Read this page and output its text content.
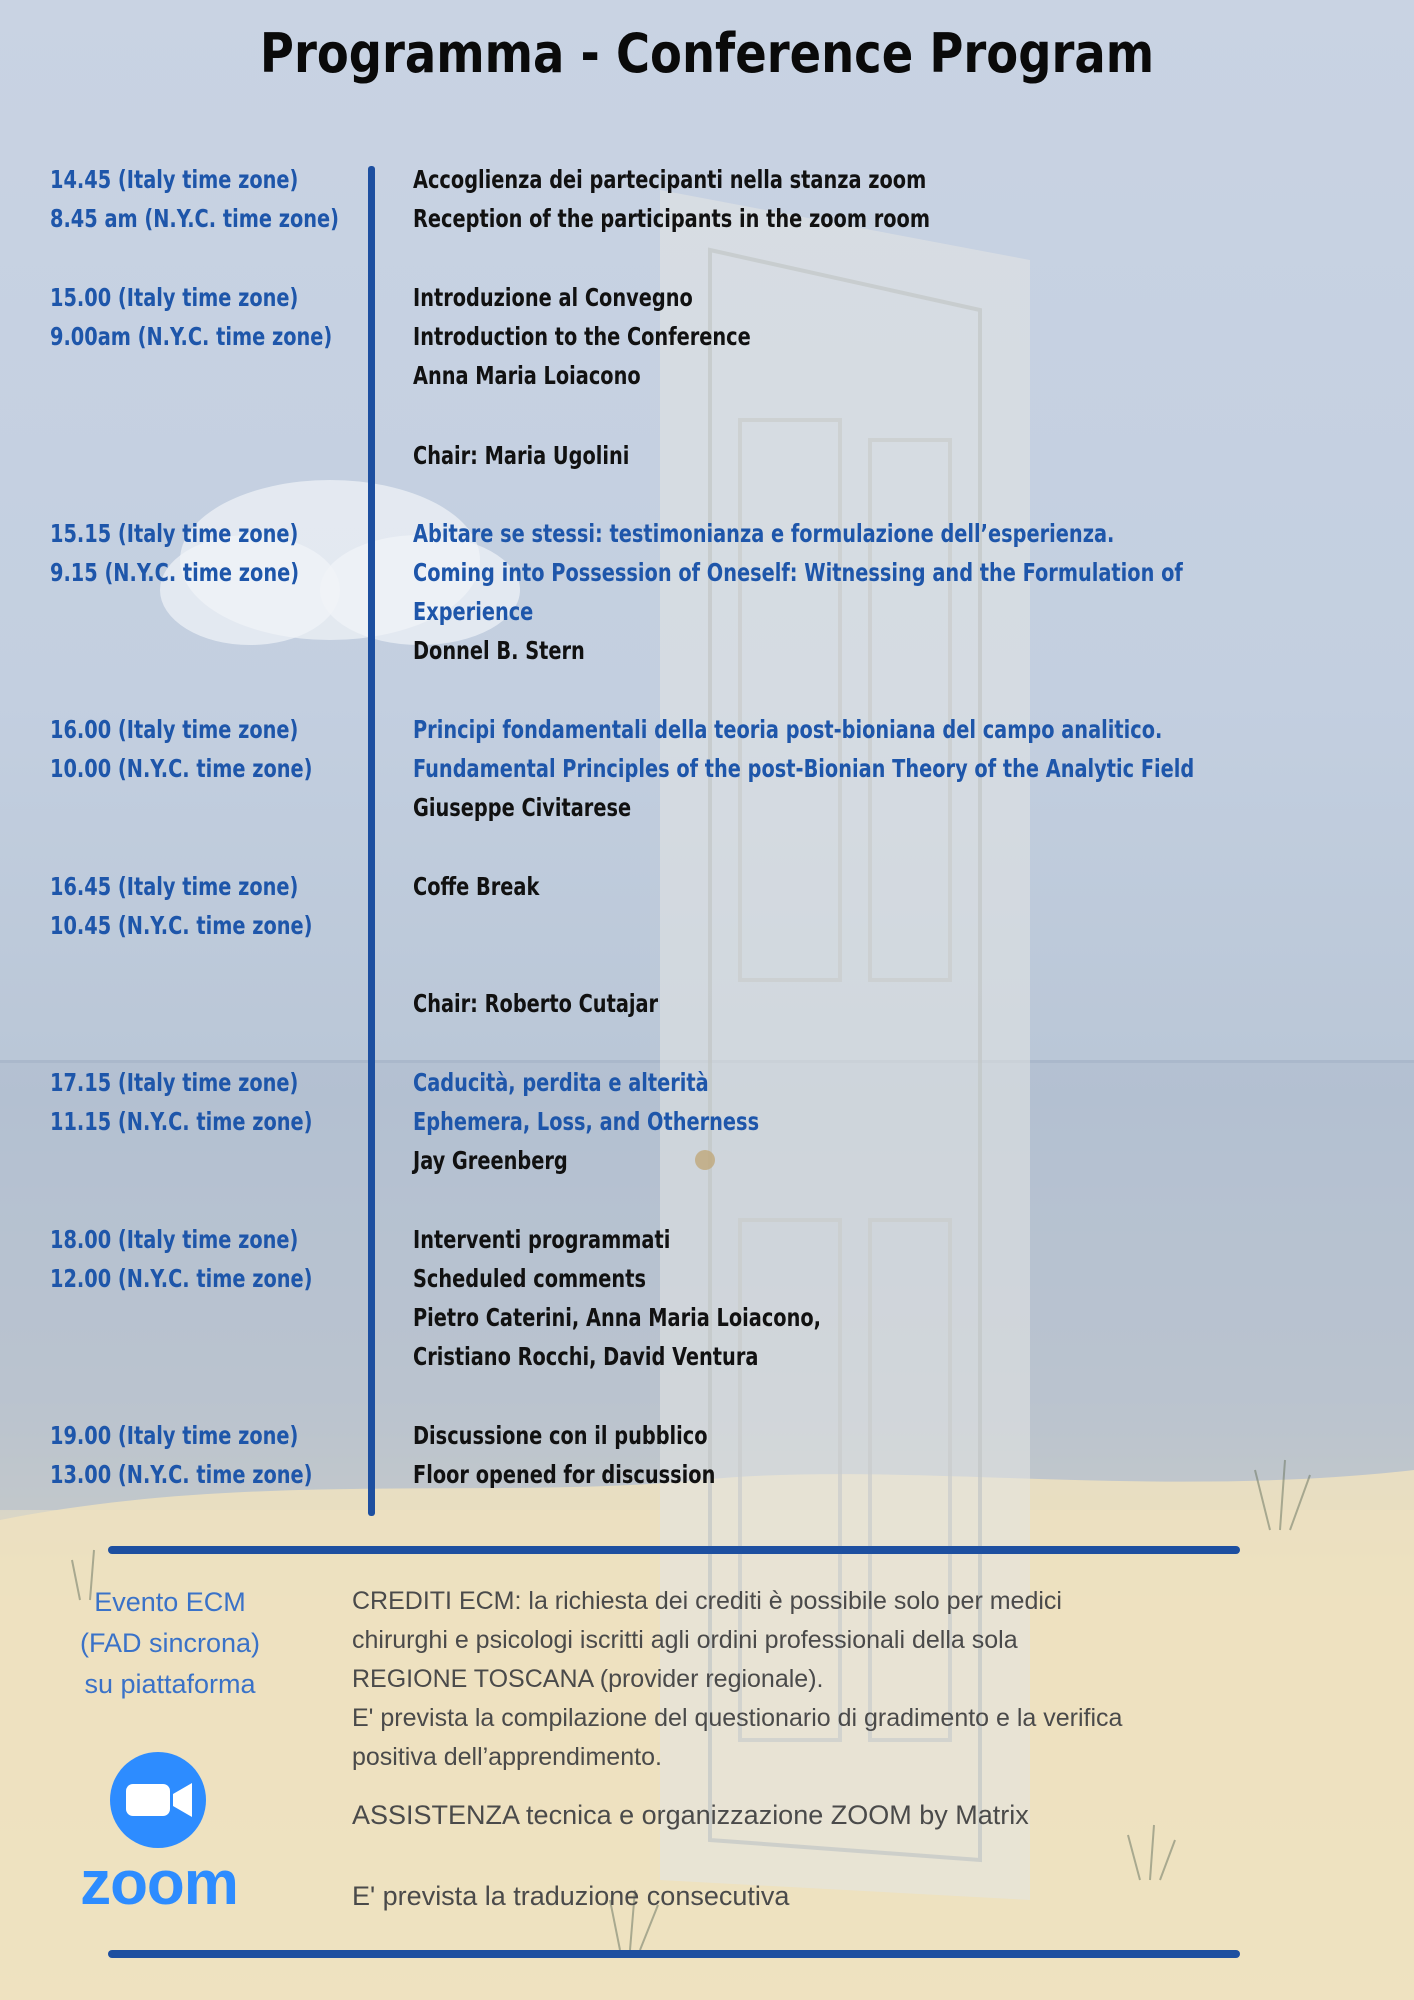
Programma - Conference Program
14.45 (Italy time zone)
8.45 am (N.Y.C. time zone)
Accoglienza dei partecipanti nella stanza zoom
Reception of the participants in the zoom room
15.00 (Italy time zone)
9.00am (N.Y.C. time zone)
Introduzione al Convegno
Introduction to the Conference
Anna Maria Loiacono
Chair: Maria Ugolini
15.15 (Italy time zone)
9.15 (N.Y.C. time zone)
Abitare se stessi: testimonianza e formulazione dell’esperienza.
Coming into Possession of Oneself: Witnessing and the Formulation of
Experience
Donnel B. Stern
16.00 (Italy time zone)
10.00 (N.Y.C. time zone)
Principi fondamentali della teoria post-bioniana del campo analitico.
Fundamental Principles of the post-Bionian Theory of the Analytic Field
Giuseppe Civitarese
16.45 (Italy time zone)
10.45 (N.Y.C. time zone)
Coffe Break
Chair: Roberto Cutajar
17.15 (Italy time zone)
11.15 (N.Y.C. time zone)
Caducità, perdita e alterità
Ephemera, Loss, and Otherness
Jay Greenberg
18.00 (Italy time zone)
12.00 (N.Y.C. time zone)
Interventi programmati
Scheduled comments
Pietro Caterini, Anna Maria Loiacono,
Cristiano Rocchi, David Ventura
19.00 (Italy time zone)
13.00 (N.Y.C. time zone)
Discussione con il pubblico
Floor opened for discussion
Evento ECM
(FAD sincrona)
su piattaforma
CREDITI ECM: la richiesta dei crediti è possibile solo per medici
chirurghi e psicologi iscritti agli ordini professionali della sola
REGIONE TOSCANA (provider regionale).
E' prevista la compilazione del questionario di gradimento e la verifica
positiva dell’apprendimento.
ASSISTENZA tecnica e organizzazione ZOOM by Matrix
E' prevista la traduzione consecutiva
zoom
